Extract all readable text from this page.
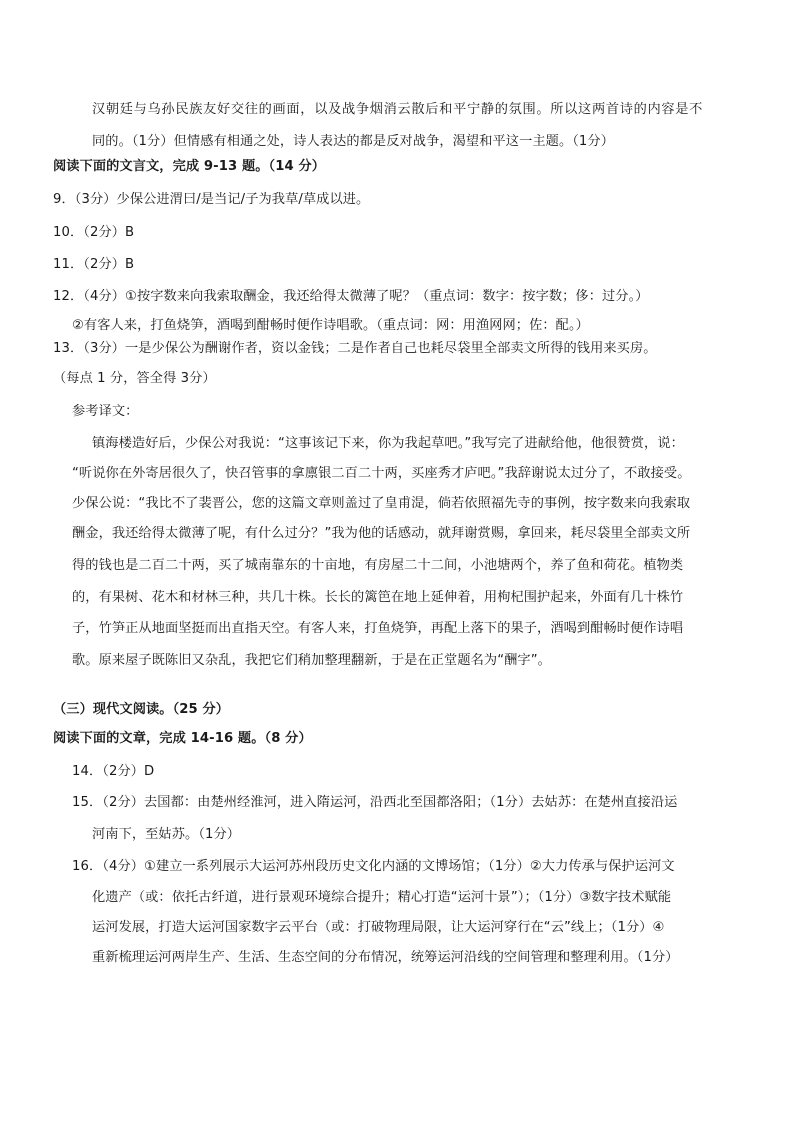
汉朝廷与乌孙民族友好交往的画面，以及战争烟消云散后和平宁静的氛围。所以这两首诗的内容是不
同的。（1分）但情感有相通之处，诗人表达的都是反对战争，渴望和平这一主题。（1分）
阅读下面的文言文，完成 9-13 题。（14 分）
9．（3分）少保公进渭曰/是当记/子为我草/草成以进。
10．（2分）B
11．（2分）B
12．（4分）①按字数来向我索取酬金，我还给得太微薄了呢？（重点词：数字：按字数；侈：过分。）
②有客人来，打鱼烧笋，酒喝到酣畅时便作诗唱歌。（重点词：网：用渔网网；佐：配。）
13．（3分）一是少保公为酬谢作者，资以金钱；二是作者自己也耗尽袋里全部卖文所得的钱用来买房。
（每点 1 分，答全得 3分）
参考译文：
镇海楼造好后，少保公对我说：“这事该记下来，你为我起草吧。”我写完了进献给他，他很赞赏，说：
“听说你在外寄居很久了，快召管事的拿廪银二百二十两，买座秀才庐吧。”我辞谢说太过分了，不敢接受。
少保公说：“我比不了裴晋公，您的这篇文章则盖过了皇甫湜，倘若依照福先寺的事例，按字数来向我索取
酬金，我还给得太微薄了呢，有什么过分？”我为他的话感动，就拜谢赏赐，拿回来，耗尽袋里全部卖文所
得的钱也是二百二十两，买了城南靠东的十亩地，有房屋二十二间，小池塘两个，养了鱼和荷花。植物类
的，有果树、花木和材林三种，共几十株。长长的篱笆在地上延伸着，用枸杞围护起来，外面有几十株竹
子，竹笋正从地面坚挺而出直指天空。有客人来，打鱼烧笋，再配上落下的果子，酒喝到酣畅时便作诗唱
歌。原来屋子既陈旧又杂乱，我把它们稍加整理翻新，于是在正堂题名为“酬字”。
（三）现代文阅读。（25 分）
阅读下面的文章，完成 14-16 题。（8 分）
14．（2分）D
15．（2分）去国都：由楚州经淮河，进入隋运河，沿西北至国都洛阳；（1分）去姑苏：在楚州直接沿运
河南下，至姑苏。（1分）
16．（4分）①建立一系列展示大运河苏州段历史文化内涵的文博场馆；（1分）②大力传承与保护运河文
化遗产（或：依托古纤道，进行景观环境综合提升；精心打造“运河十景”）；（1分）③数字技术赋能
运河发展，打造大运河国家数字云平台（或：打破物理局限，让大运河穿行在“云”线上；（1分）④
重新梳理运河两岸生产、生活、生态空间的分布情况，统筹运河沿线的空间管理和整理利用。（1分）
